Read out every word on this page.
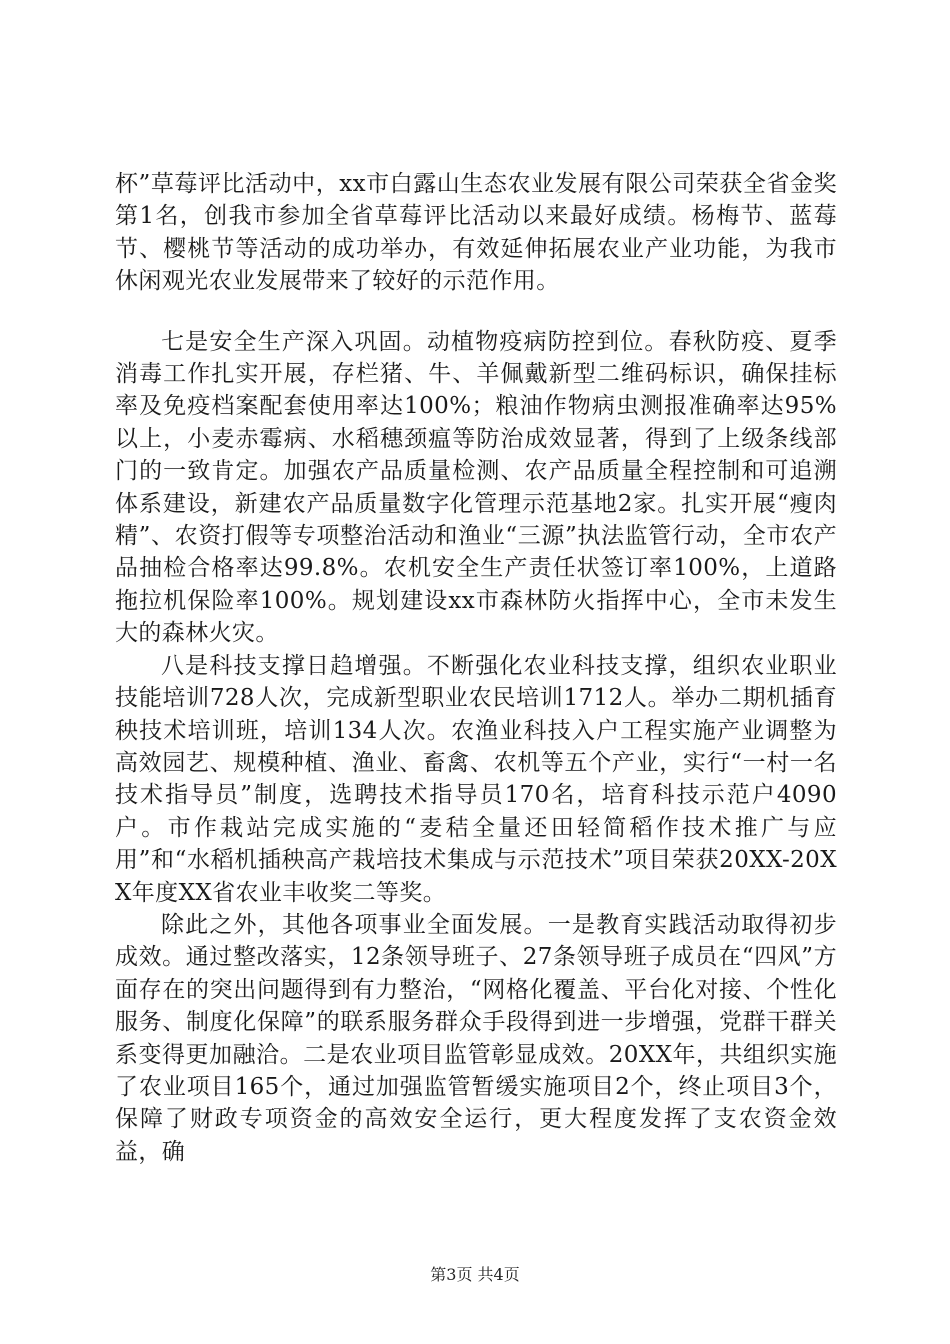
杯”草莓评比活动中，xx市白露山生态农业发展有限公司荣获全省金奖第1名，创我市参加全省草莓评比活动以来最好成绩。杨梅节、蓝莓节、樱桃节等活动的成功举办，有效延伸拓展农业产业功能，为我市休闲观光农业发展带来了较好的示范作用。

七是安全生产深入巩固。动植物疫病防控到位。春秋防疫、夏季消毒工作扎实开展，存栏猪、牛、羊佩戴新型二维码标识，确保挂标率及免疫档案配套使用率达100%；粮油作物病虫测报准确率达95%以上，小麦赤霉病、水稻穗颈瘟等防治成效显著，得到了上级条线部门的一致肯定。加强农产品质量检测、农产品质量全程控制和可追溯体系建设，新建农产品质量数字化管理示范基地2家。扎实开展“瘦肉精”、农资打假等专项整治活动和渔业“三源”执法监管行动，全市农产品抽检合格率达99.8%。农机安全生产责任状签订率100%，上道路拖拉机保险率100%。规划建设xx市森林防火指挥中心，全市未发生大的森林火灾。

八是科技支撑日趋增强。不断强化农业科技支撑，组织农业职业技能培训728人次，完成新型职业农民培训1712人。举办二期机插育秧技术培训班，培训134人次。农渔业科技入户工程实施产业调整为高效园艺、规模种植、渔业、畜禽、农机等五个产业，实行“一村一名技术指导员”制度，选聘技术指导员170名，培育科技示范户4090户。市作栽站完成实施的“麦秸全量还田轻简稻作技术推广与应用”和“水稻机插秧高产栽培技术集成与示范技术”项目荣获20XX-20XX年度XX省农业丰收奖二等奖。

除此之外，其他各项事业全面发展。一是教育实践活动取得初步成效。通过整改落实，12条领导班子、27条领导班子成员在“四风”方面存在的突出问题得到有力整治，“网格化覆盖、平台化对接、个性化服务、制度化保障”的联系服务群众手段得到进一步增强，党群干群关系变得更加融洽。二是农业项目监管彰显成效。20XX年，共组织实施了农业项目165个，通过加强监管暂缓实施项目2个，终止项目3个，保障了财政专项资金的高效安全运行，更大程度发挥了支农资金效益，确

第3页 共4页
